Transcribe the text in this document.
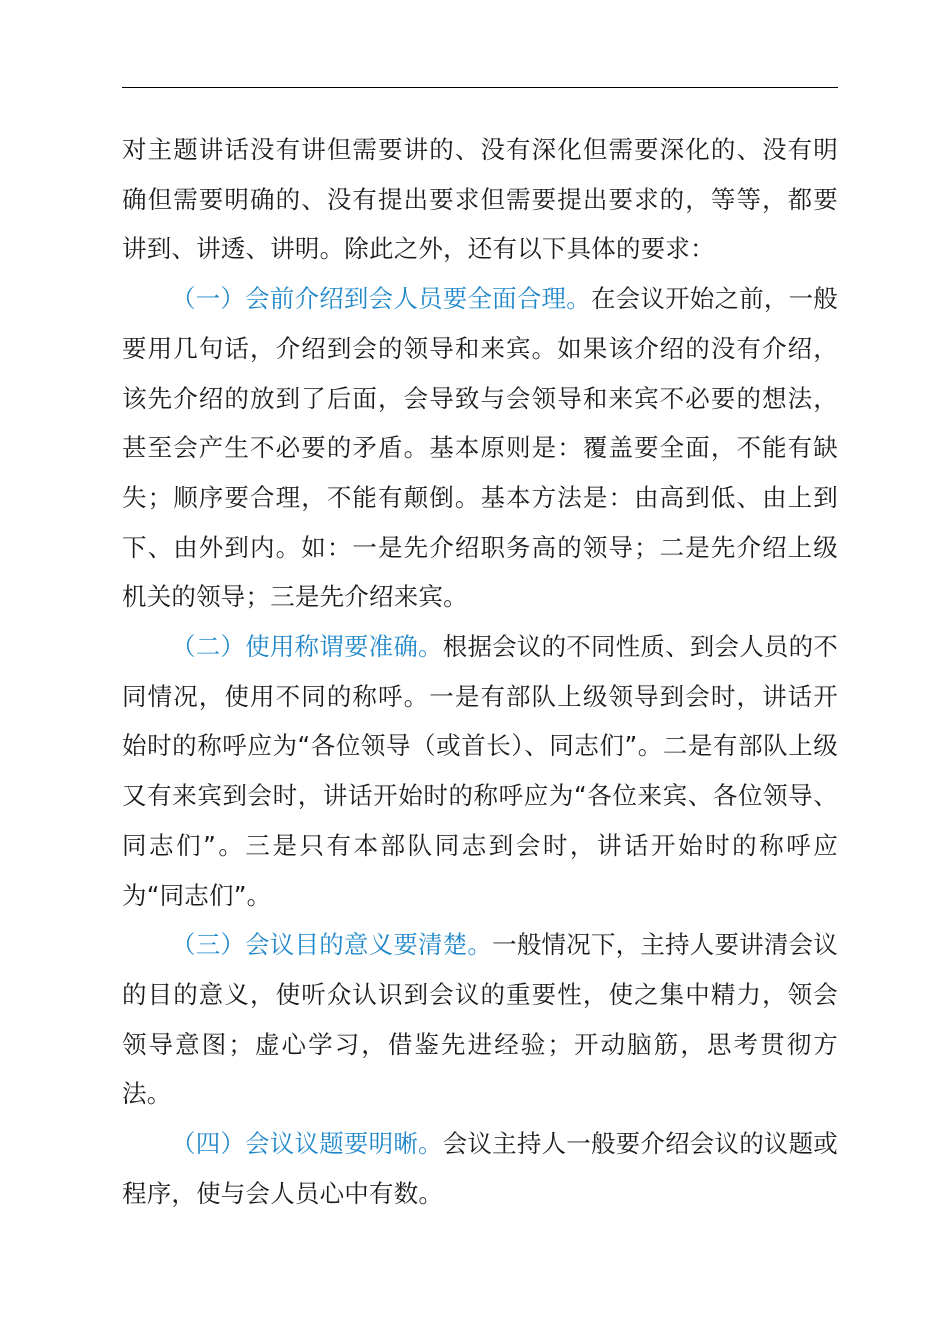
对主题讲话没有讲但需要讲的、没有深化但需要深化的、没有明确但需要明确的、没有提出要求但需要提出要求的，等等，都要讲到、讲透、讲明。除此之外，还有以下具体的要求：

（一）会前介绍到会人员要全面合理。在会议开始之前，一般要用几句话，介绍到会的领导和来宾。如果该介绍的没有介绍，该先介绍的放到了后面，会导致与会领导和来宾不必要的想法，甚至会产生不必要的矛盾。基本原则是：覆盖要全面，不能有缺失；顺序要合理，不能有颠倒。基本方法是：由高到低、由上到下、由外到内。如：一是先介绍职务高的领导；二是先介绍上级机关的领导；三是先介绍来宾。

（二）使用称谓要准确。根据会议的不同性质、到会人员的不同情况，使用不同的称呼。一是有部队上级领导到会时，讲话开始时的称呼应为“各位领导（或首长）、同志们”。二是有部队上级又有来宾到会时，讲话开始时的称呼应为“各位来宾、各位领导、同志们”。三是只有本部队同志到会时，讲话开始时的称呼应为“同志们”。

（三）会议目的意义要清楚。一般情况下，主持人要讲清会议的目的意义，使听众认识到会议的重要性，使之集中精力，领会领导意图；虚心学习，借鉴先进经验；开动脑筋，思考贯彻方法。

（四）会议议题要明晰。会议主持人一般要介绍会议的议题或程序，使与会人员心中有数。
